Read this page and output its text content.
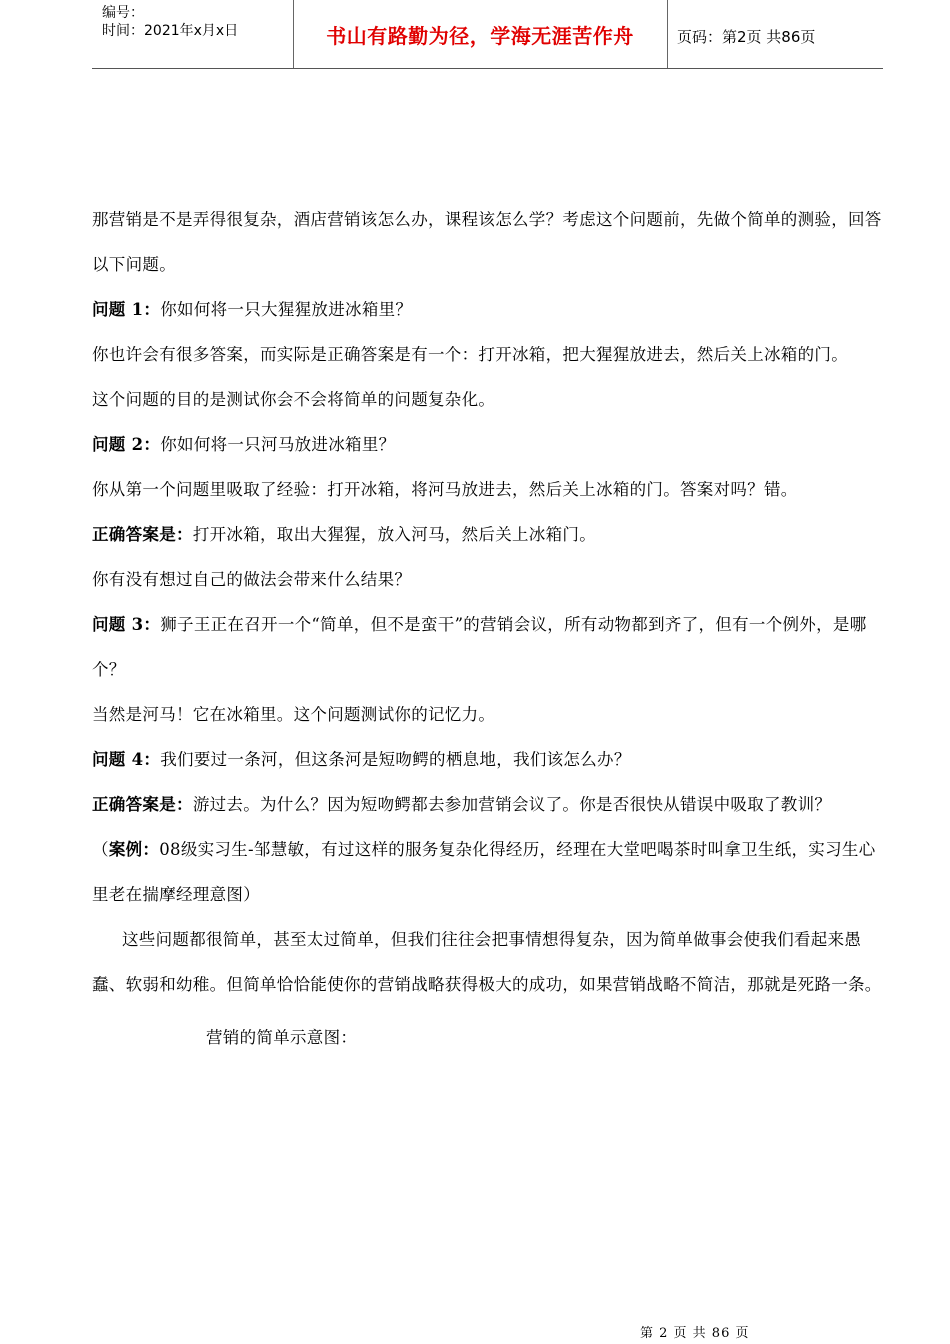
编号：
时间：2021年x月x日	书山有路勤为径，学海无涯苦作舟	页码：第2页 共86页

那营销是不是弄得很复杂，酒店营销该怎么办，课程该怎么学？考虑这个问题前，先做个简单的测验，回答以下问题。

问题 1：你如何将一只大猩猩放进冰箱里？

你也许会有很多答案，而实际是正确答案是有一个：打开冰箱，把大猩猩放进去，然后关上冰箱的门。

这个问题的目的是测试你会不会将简单的问题复杂化。

问题 2：你如何将一只河马放进冰箱里？

你从第一个问题里吸取了经验：打开冰箱，将河马放进去，然后关上冰箱的门。答案对吗？错。

正确答案是：打开冰箱，取出大猩猩，放入河马，然后关上冰箱门。

你有没有想过自己的做法会带来什么结果？

问题 3：狮子王正在召开一个“简单，但不是蛮干”的营销会议，所有动物都到齐了，但有一个例外，是哪个？

当然是河马！它在冰箱里。这个问题测试你的记忆力。

问题 4：我们要过一条河，但这条河是短吻鳄的栖息地，我们该怎么办？

正确答案是：游过去。为什么？因为短吻鳄都去参加营销会议了。你是否很快从错误中吸取了教训？

（案例：08级实习生-邹慧敏，有过这样的服务复杂化得经历，经理在大堂吧喝茶时叫拿卫生纸，实习生心里老在揣摩经理意图）

这些问题都很简单，甚至太过简单，但我们往往会把事情想得复杂，因为简单做事会使我们看起来愚蠢、软弱和幼稚。但简单恰恰能使你的营销战略获得极大的成功，如果营销战略不简洁，那就是死路一条。

营销的简单示意图：

第 2 页 共 86 页
